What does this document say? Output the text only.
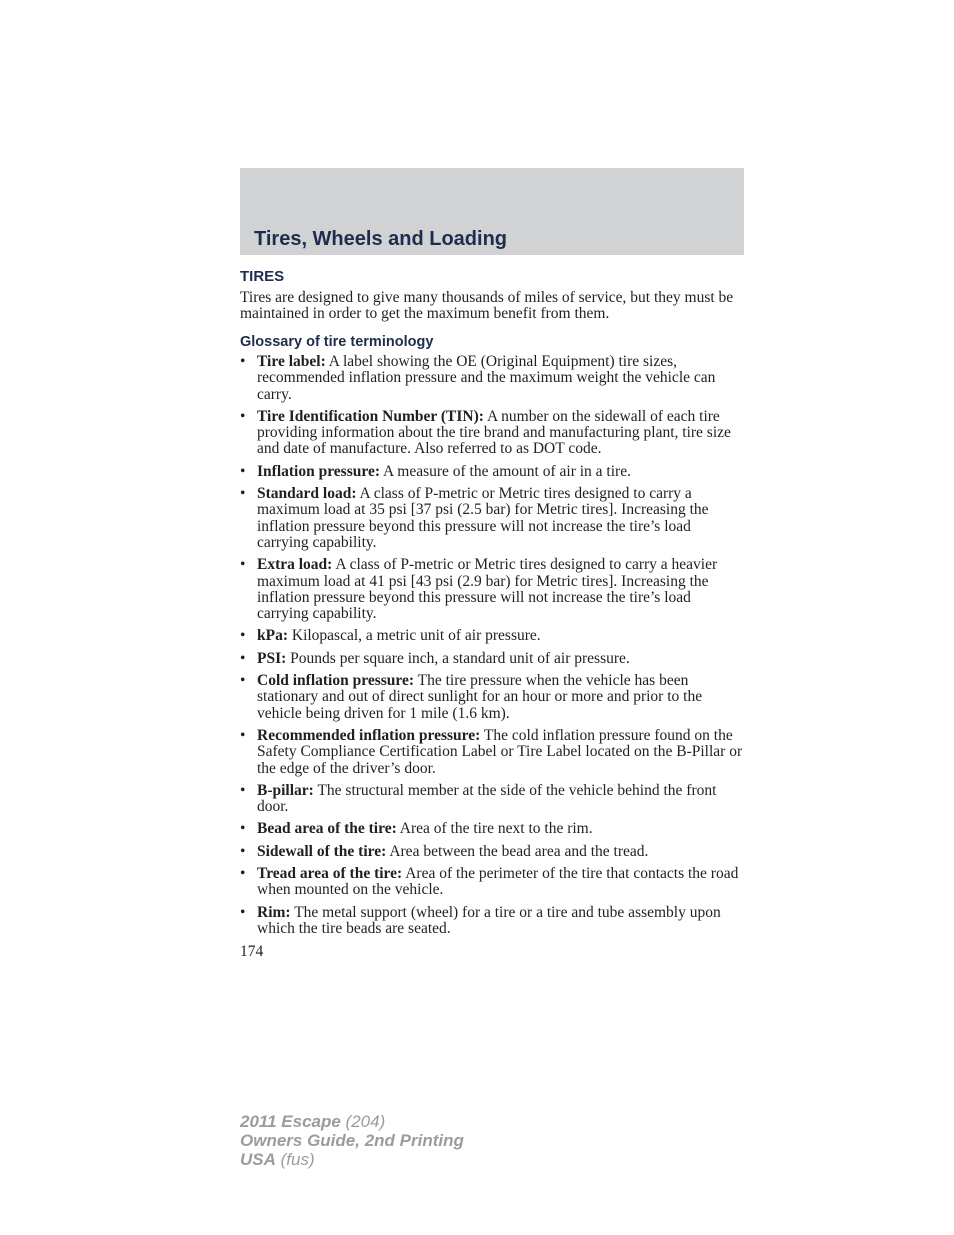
Tires, Wheels and Loading
TIRES

Tires are designed to give many thousands of miles of service, but they must be maintained in order to get the maximum benefit from them.

Glossary of tire terminology
• Tire label: A label showing the OE (Original Equipment) tire sizes, recommended inflation pressure and the maximum weight the vehicle can carry.
• Tire Identification Number (TIN): A number on the sidewall of each tire providing information about the tire brand and manufacturing plant, tire size and date of manufacture. Also referred to as DOT code.
• Inflation pressure: A measure of the amount of air in a tire.
• Standard load: A class of P-metric or Metric tires designed to carry a maximum load at 35 psi [37 psi (2.5 bar) for Metric tires]. Increasing the inflation pressure beyond this pressure will not increase the tire’s load carrying capability.
• Extra load: A class of P-metric or Metric tires designed to carry a heavier maximum load at 41 psi [43 psi (2.9 bar) for Metric tires]. Increasing the inflation pressure beyond this pressure will not increase the tire’s load carrying capability.
• kPa: Kilopascal, a metric unit of air pressure.
• PSI: Pounds per square inch, a standard unit of air pressure.
• Cold inflation pressure: The tire pressure when the vehicle has been stationary and out of direct sunlight for an hour or more and prior to the vehicle being driven for 1 mile (1.6 km).
• Recommended inflation pressure: The cold inflation pressure found on the Safety Compliance Certification Label or Tire Label located on the B-Pillar or the edge of the driver’s door.
• B-pillar: The structural member at the side of the vehicle behind the front door.
• Bead area of the tire: Area of the tire next to the rim.
• Sidewall of the tire: Area between the bead area and the tread.
• Tread area of the tire: Area of the perimeter of the tire that contacts the road when mounted on the vehicle.
• Rim: The metal support (wheel) for a tire or a tire and tube assembly upon which the tire beads are seated.

174

2011 Escape (204)
Owners Guide, 2nd Printing
USA (fus)
